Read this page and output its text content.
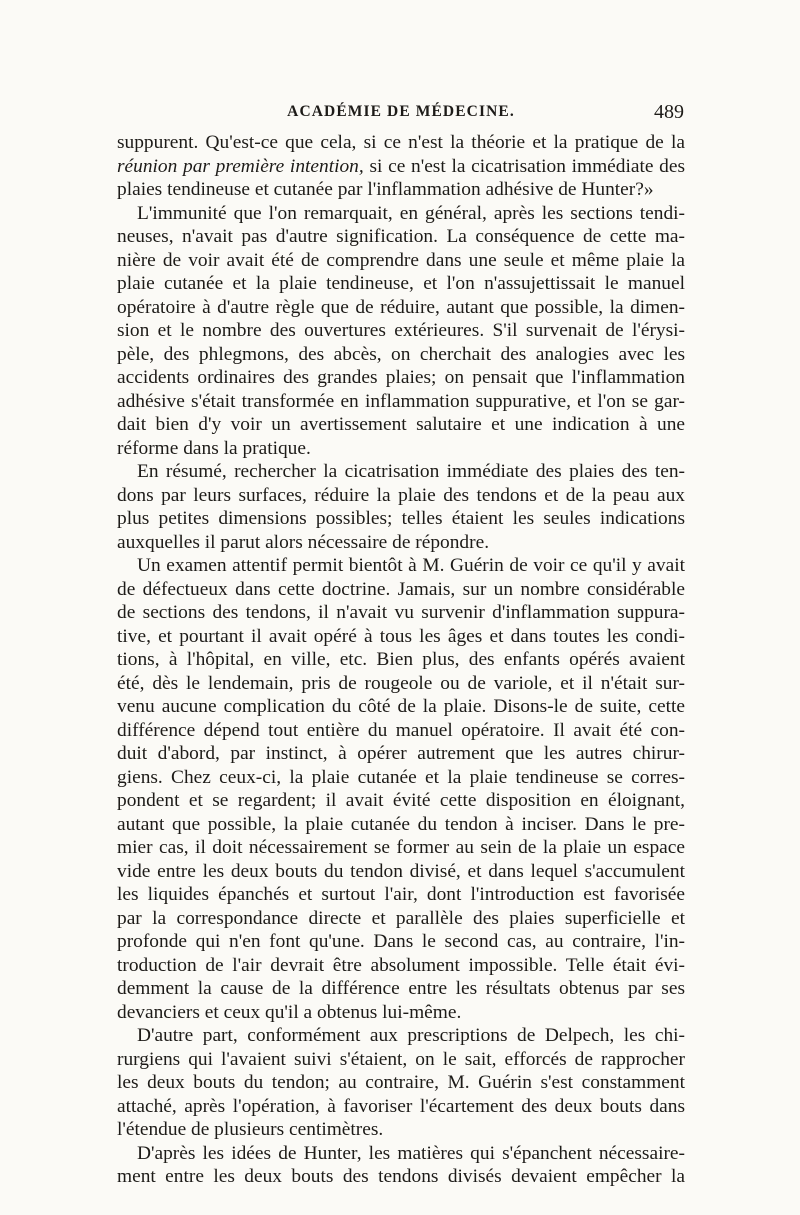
ACADÉMIE DE MÉDECINE.	489
suppurent. Qu'est-ce que cela, si ce n'est la théorie et la pratique de la
réunion par première intention, si ce n'est la cicatrisation immédiate des
plaies tendineuse et cutanée par l'inflammation adhésive de Hunter?»
L'immunité que l'on remarquait, en général, après les sections tendi-
neuses, n'avait pas d'autre signification. La conséquence de cette ma-
nière de voir avait été de comprendre dans une seule et même plaie la
plaie cutanée et la plaie tendineuse, et l'on n'assujettissait le manuel
opératoire à d'autre règle que de réduire, autant que possible, la dimen-
sion et le nombre des ouvertures extérieures. S'il survenait de l'érysi-
pèle, des phlegmons, des abcès, on cherchait des analogies avec les
accidents ordinaires des grandes plaies; on pensait que l'inflammation
adhésive s'était transformée en inflammation suppurative, et l'on se gar-
dait bien d'y voir un avertissement salutaire et une indication à une
réforme dans la pratique.
En résumé, rechercher la cicatrisation immédiate des plaies des ten-
dons par leurs surfaces, réduire la plaie des tendons et de la peau aux
plus petites dimensions possibles; telles étaient les seules indications
auxquelles il parut alors nécessaire de répondre.
Un examen attentif permit bientôt à M. Guérin de voir ce qu'il y avait
de défectueux dans cette doctrine. Jamais, sur un nombre considérable
de sections des tendons, il n'avait vu survenir d'inflammation suppura-
tive, et pourtant il avait opéré à tous les âges et dans toutes les condi-
tions, à l'hôpital, en ville, etc. Bien plus, des enfants opérés avaient
été, dès le lendemain, pris de rougeole ou de variole, et il n'était sur-
venu aucune complication du côté de la plaie. Disons-le de suite, cette
différence dépend tout entière du manuel opératoire. Il avait été con-
duit d'abord, par instinct, à opérer autrement que les autres chirur-
giens. Chez ceux-ci, la plaie cutanée et la plaie tendineuse se corres-
pondent et se regardent; il avait évité cette disposition en éloignant,
autant que possible, la plaie cutanée du tendon à inciser. Dans le pre-
mier cas, il doit nécessairement se former au sein de la plaie un espace
vide entre les deux bouts du tendon divisé, et dans lequel s'accumulent
les liquides épanchés et surtout l'air, dont l'introduction est favorisée
par la correspondance directe et parallèle des plaies superficielle et
profonde qui n'en font qu'une. Dans le second cas, au contraire, l'in-
troduction de l'air devrait être absolument impossible. Telle était évi-
demment la cause de la différence entre les résultats obtenus par ses
devanciers et ceux qu'il a obtenus lui-même.
D'autre part, conformément aux prescriptions de Delpech, les chi-
rurgiens qui l'avaient suivi s'étaient, on le sait, efforcés de rapprocher
les deux bouts du tendon; au contraire, M. Guérin s'est constamment
attaché, après l'opération, à favoriser l'écartement des deux bouts dans
l'étendue de plusieurs centimètres.
D'après les idées de Hunter, les matières qui s'épanchent nécessaire-
ment entre les deux bouts des tendons divisés devaient empêcher la
